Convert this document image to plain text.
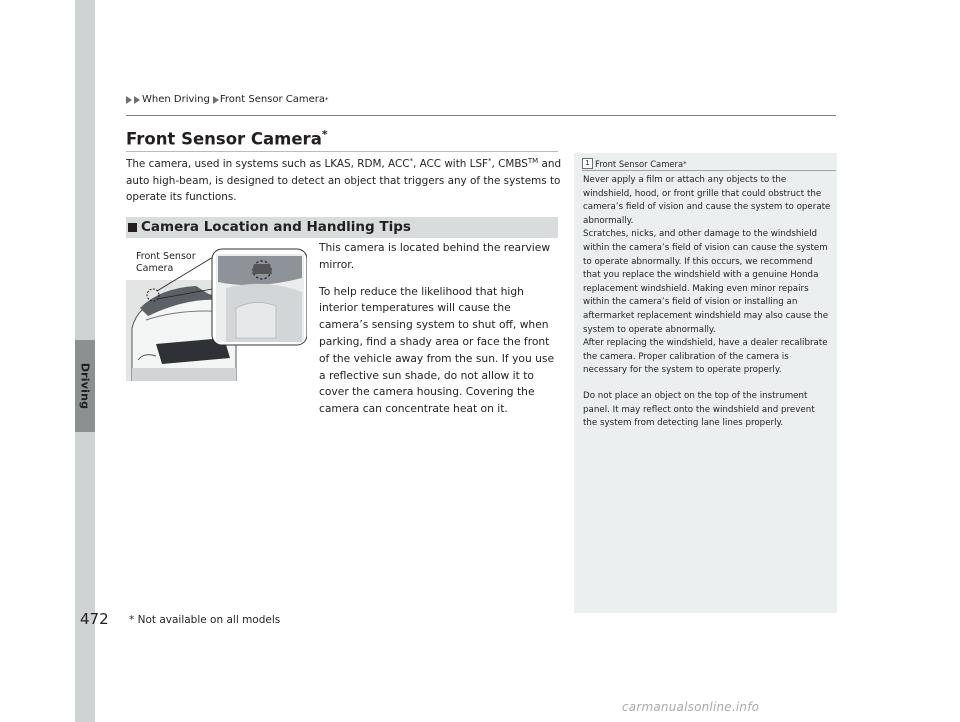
Driving
When Driving Front Sensor Camera *
Front Sensor Camera*
The camera, used in systems such as LKAS, RDM, ACC*, ACC with LSF*, CMBS™ and auto high-beam, is designed to detect an object that triggers any of the systems to operate its functions.
Camera Location and Handling Tips
Front Sensor
Camera

This camera is located behind the rearview mirror.

To help reduce the likelihood that high interior temperatures will cause the camera’s sensing system to shut off, when parking, find a shady area or face the front of the vehicle away from the sun. If you use a reflective sun shade, do not allow it to cover the camera housing. Covering the camera can concentrate heat on it.

1 Front Sensor Camera *
Never apply a film or attach any objects to the windshield, hood, or front grille that could obstruct the camera’s field of vision and cause the system to operate abnormally.
Scratches, nicks, and other damage to the windshield within the camera’s field of vision can cause the system to operate abnormally. If this occurs, we recommend that you replace the windshield with a genuine Honda replacement windshield. Making even minor repairs within the camera’s field of vision or installing an aftermarket replacement windshield may also cause the system to operate abnormally.

After replacing the windshield, have a dealer recalibrate the camera. Proper calibration of the camera is necessary for the system to operate properly.

Do not place an object on the top of the instrument panel. It may reflect onto the windshield and prevent the system from detecting lane lines properly.

472 * Not available on all models
carmanualsonline.info
